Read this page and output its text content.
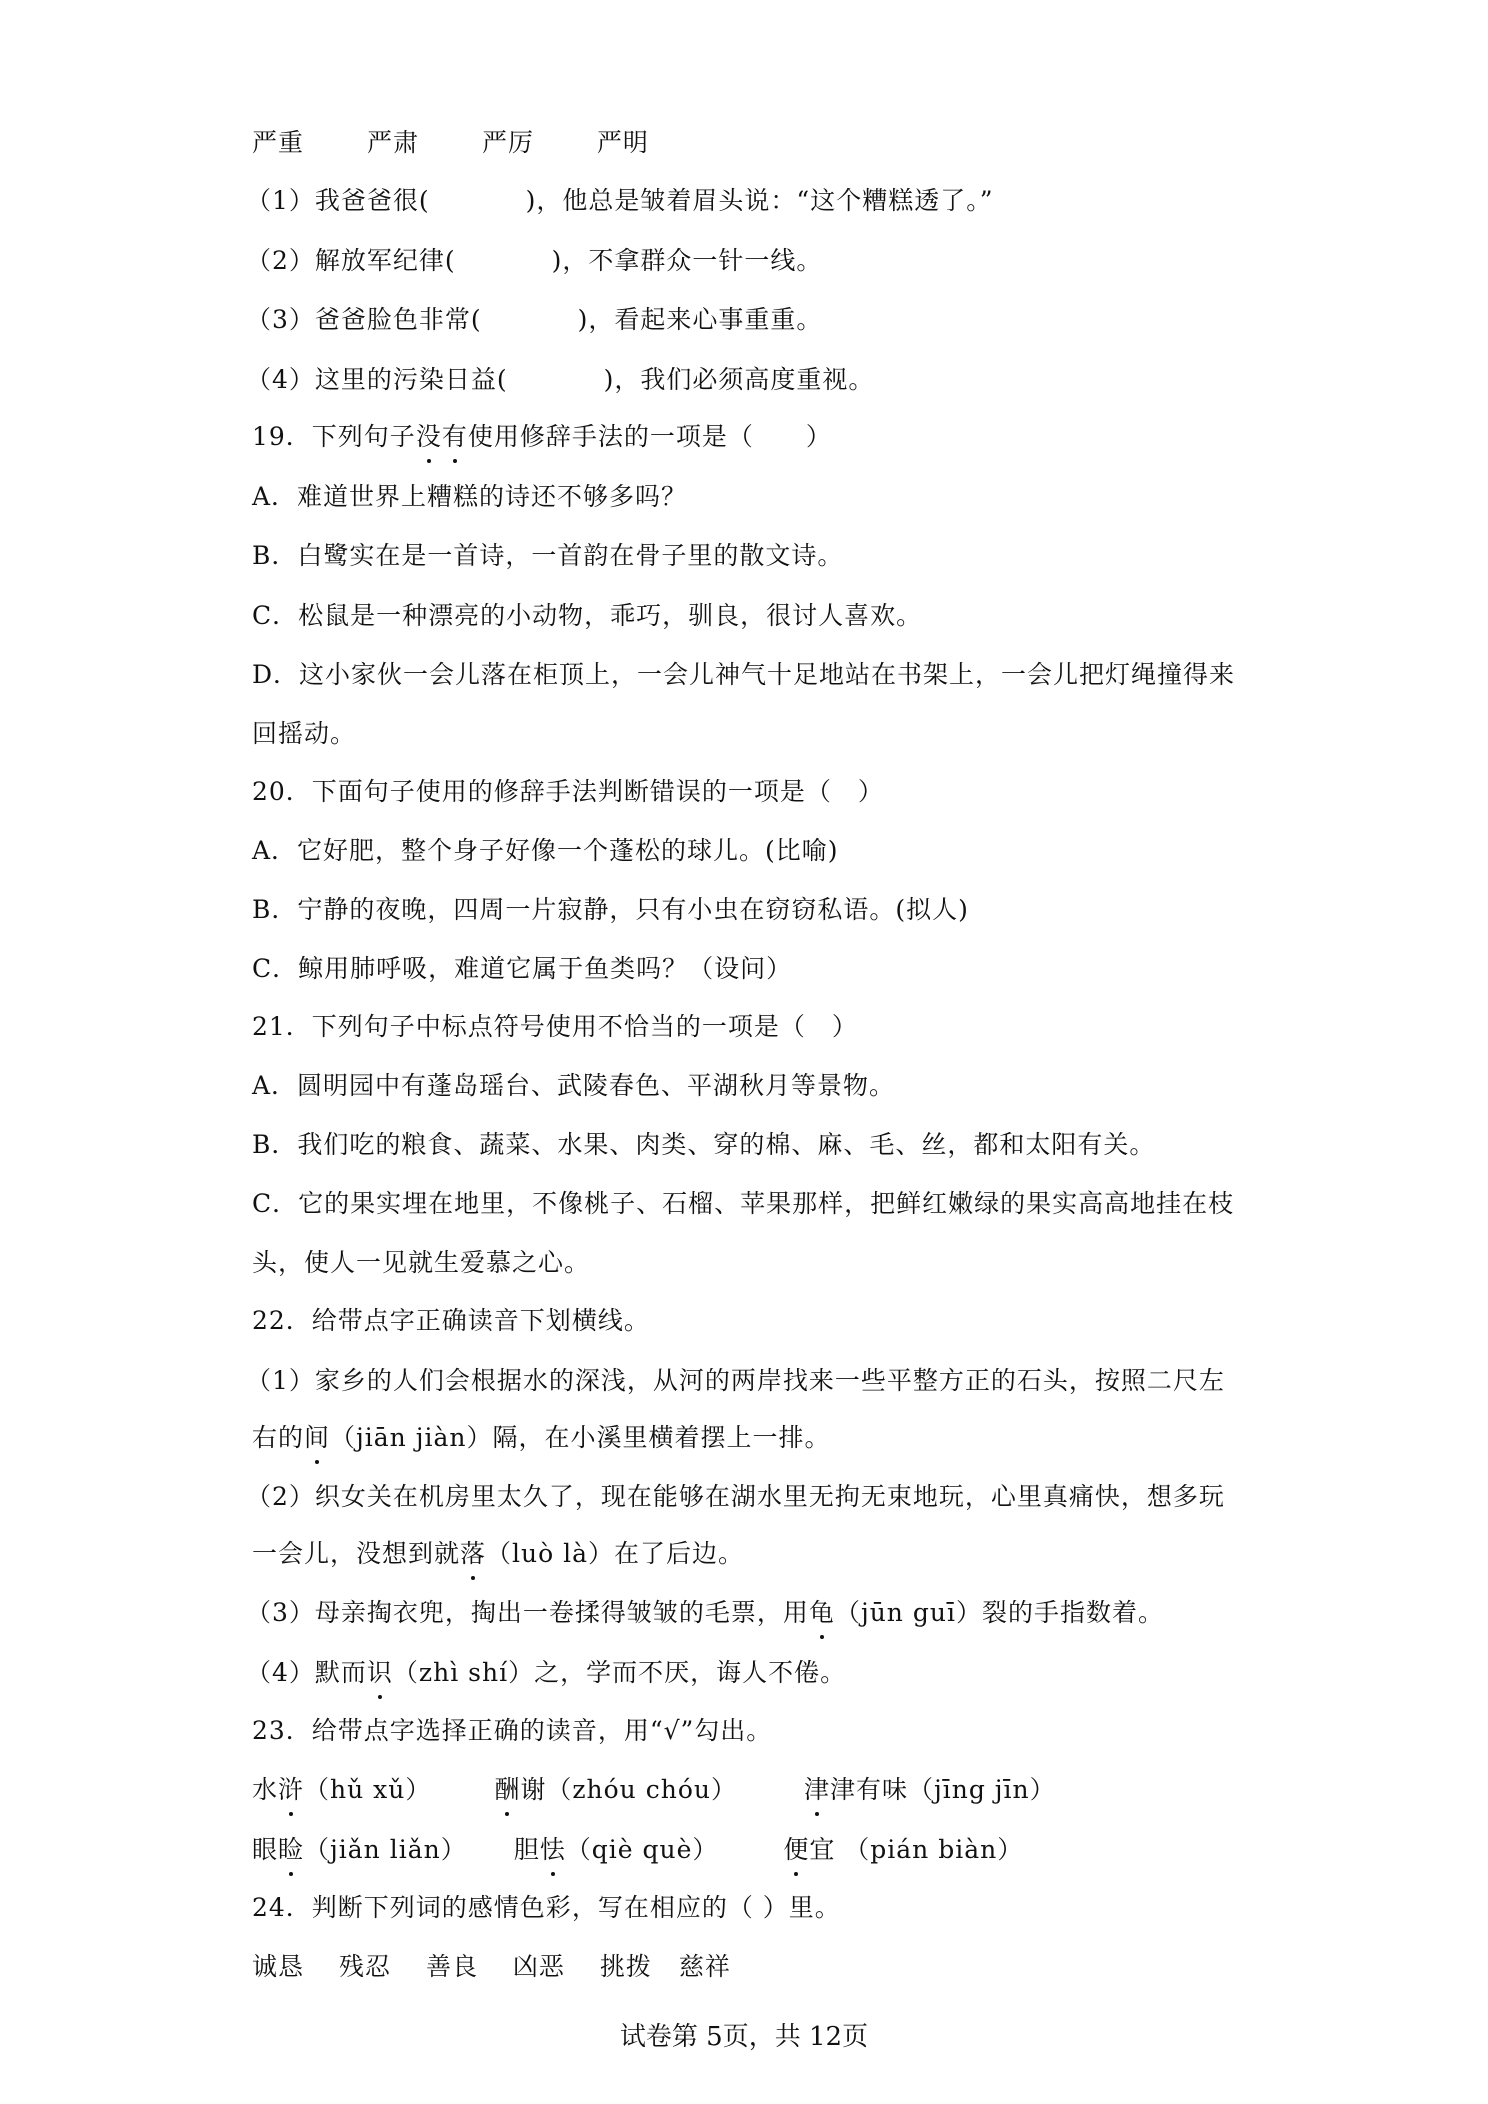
严重	严肃	严厉	严明
（1）我爸爸很(	)，他总是皱着眉头说：“这个糟糕透了。”
（2）解放军纪律(	)，不拿群众一针一线。
（3）爸爸脸色非常(	)，看起来心事重重。
（4）这里的污染日益(	)，我们必须高度重视。
19．下列句子没有使用修辞手法的一项是（　　）
A．难道世界上糟糕的诗还不够多吗？
B．白鹭实在是一首诗，一首韵在骨子里的散文诗。
C．松鼠是一种漂亮的小动物，乖巧，驯良，很讨人喜欢。
D．这小家伙一会儿落在柜顶上，一会儿神气十足地站在书架上，一会儿把灯绳撞得来
回摇动。
20．下面句子使用的修辞手法判断错误的一项是（　）
A．它好肥，整个身子好像一个蓬松的球儿。(比喻)
B．宁静的夜晚，四周一片寂静，只有小虫在窃窃私语。(拟人)
C．鲸用肺呼吸，难道它属于鱼类吗？（设问）
21．下列句子中标点符号使用不恰当的一项是（　）
A．圆明园中有蓬岛瑶台、武陵春色、平湖秋月等景物。
B．我们吃的粮食、蔬菜、水果、肉类、穿的棉、麻、毛、丝，都和太阳有关。
C．它的果实埋在地里，不像桃子、石榴、苹果那样，把鲜红嫩绿的果实高高地挂在枝
头，使人一见就生爱慕之心。
22．给带点字正确读音下划横线。
（1）家乡的人们会根据水的深浅，从河的两岸找来一些平整方正的石头，按照二尺左
右的间（jiān jiàn）隔，在小溪里横着摆上一排。
（2）织女关在机房里太久了，现在能够在湖水里无拘无束地玩，心里真痛快，想多玩
一会儿，没想到就落（luò là）在了后边。
（3）母亲掏衣兜，掏出一卷揉得皱皱的毛票，用龟（jūn guī）裂的手指数着。
（4）默而识（zhì shí）之，学而不厌，诲人不倦。
23．给带点字选择正确的读音，用“√”勾出。
水浒（hǔ xǔ）	酬谢（zhóu chóu）	津津有味（jīng jīn）
眼睑（jiǎn liǎn） 胆怯（qiè què）	便宜 （pián biàn）
24．判断下列词的感情色彩，写在相应的（ ）里。
诚恳 残忍 善良 凶恶 挑拨 慈祥
试卷第 5页，共 12页
